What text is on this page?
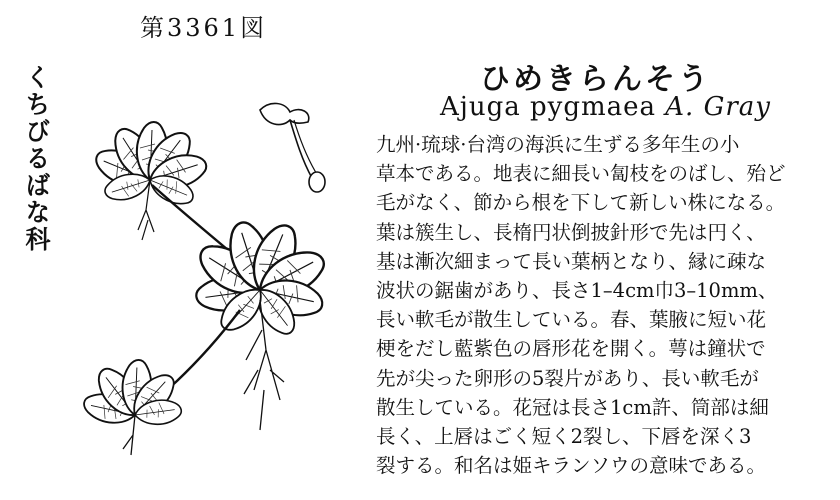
第3361図
くちびるばな科	ひめきらんそう
Ajuga pygmaea A. Gray
九州·琉球·台湾の海浜に生ずる多年生の小
草本である。地表に細長い匐枝をのばし、殆ど
毛がなく、節から根を下して新しい株になる。
葉は簇生し、長楕円状倒披針形で先は円く、
基は漸次細まって長い葉柄となり、縁に疎な
波状の鋸歯があり、長さ1–4cm巾3–10mm、
長い軟毛が散生している。春、葉腋に短い花
梗をだし藍紫色の唇形花を開く。萼は鐘状で
先が尖った卵形の5裂片があり、長い軟毛が
散生している。花冠は長さ1cm許、筒部は細
長く、上唇はごく短く2裂し、下唇を深く3
裂する。和名は姫キランソウの意味である。
